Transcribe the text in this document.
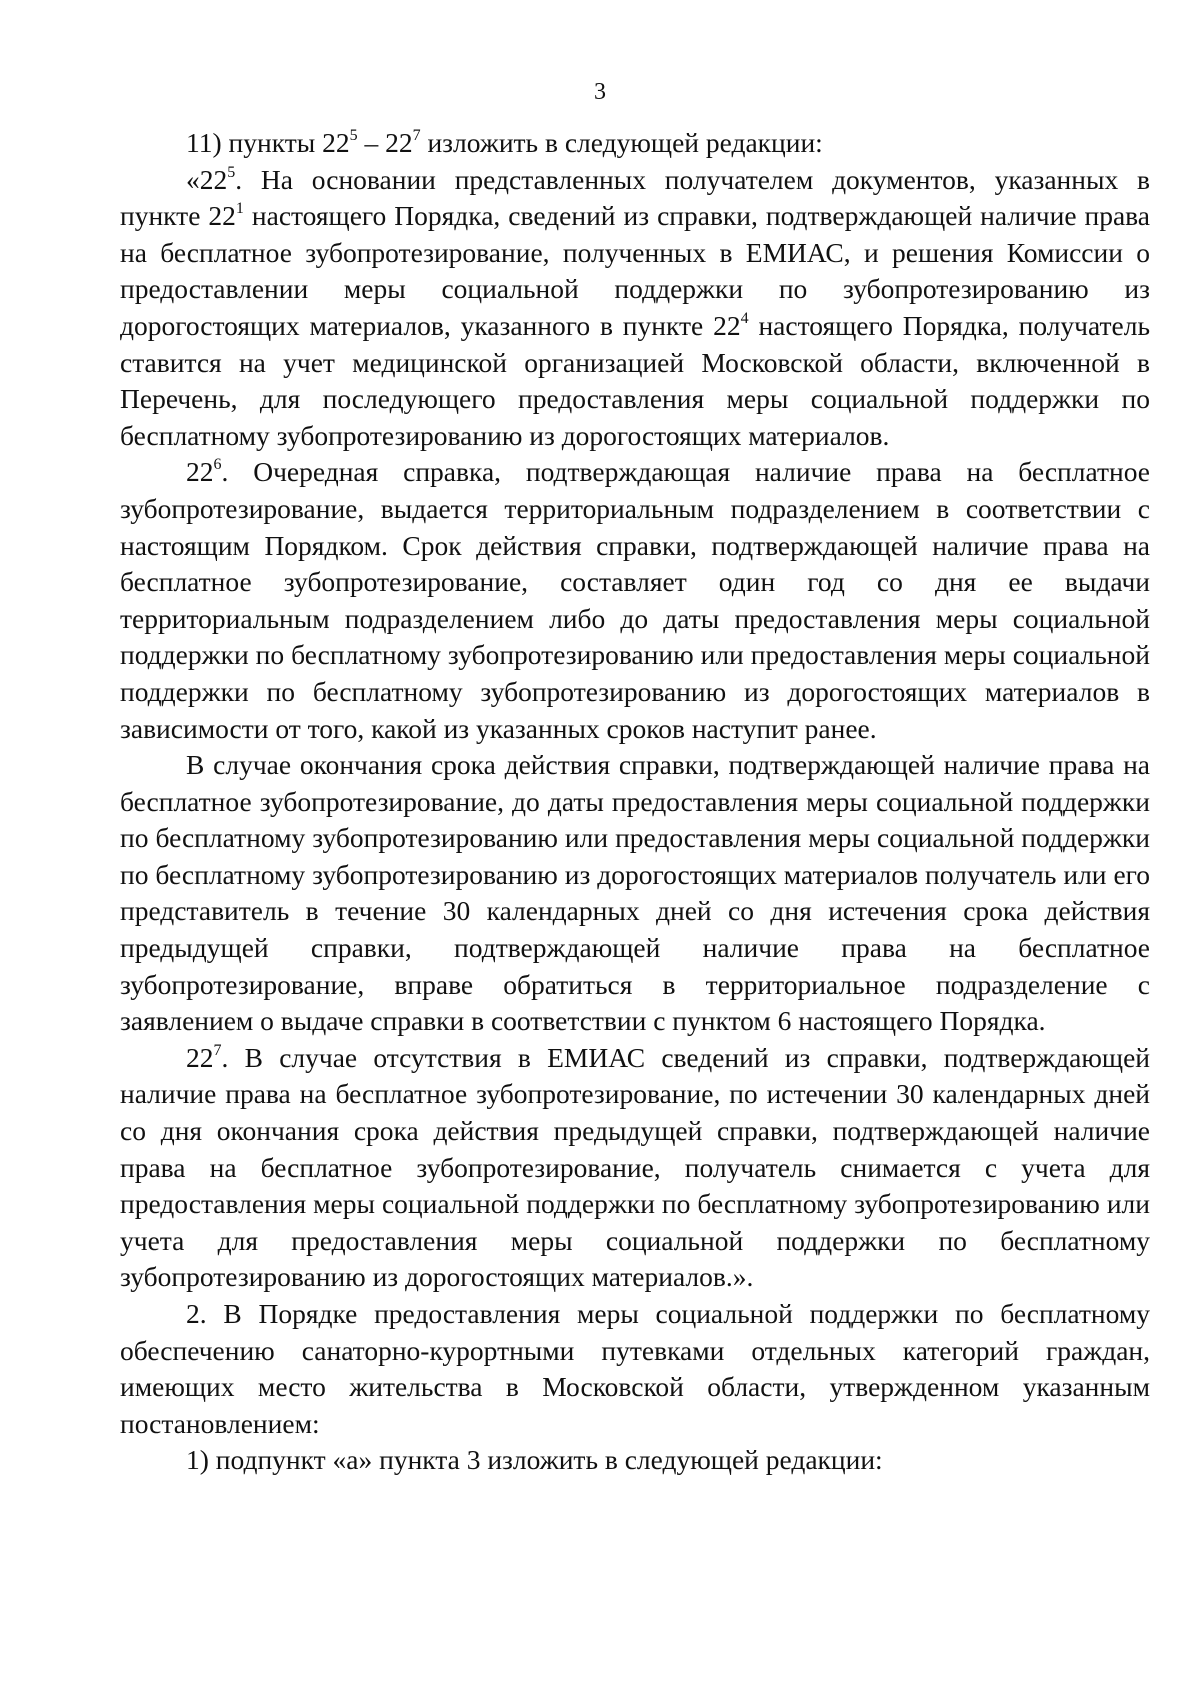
3

11) пункты $22^5 - 22^7$ изложить в следующей редакции:

«$22^5$. На основании представленных получателем документов, указанных в пункте $22^1$ настоящего Порядка, сведений из справки, подтверждающей наличие права на бесплатное зубопротезирование, полученных в ЕМИАС, и решения Комиссии о предоставлении меры социальной поддержки по зубопротезированию из дорогостоящих материалов, указанного в пункте $22^4$ настоящего Порядка, получатель ставится на учет медицинской организацией Московской области, включенной в Перечень, для последующего предоставления меры социальной поддержки по бесплатному зубопротезированию из дорогостоящих материалов.

$22^6$. Очередная справка, подтверждающая наличие права на бесплатное зубопротезирование, выдается территориальным подразделением в соответствии с настоящим Порядком. Срок действия справки, подтверждающей наличие права на бесплатное зубопротезирование, составляет один год со дня ее выдачи территориальным подразделением либо до даты предоставления меры социальной поддержки по бесплатному зубопротезированию или предоставления меры социальной поддержки по бесплатному зубопротезированию из дорогостоящих материалов в зависимости от того, какой из указанных сроков наступит ранее.

В случае окончания срока действия справки, подтверждающей наличие права на бесплатное зубопротезирование, до даты предоставления меры социальной поддержки по бесплатному зубопротезированию или предоставления меры социальной поддержки по бесплатному зубопротезированию из дорогостоящих материалов получатель или его представитель в течение 30 календарных дней со дня истечения срока действия предыдущей справки, подтверждающей наличие права на бесплатное зубопротезирование, вправе обратиться в территориальное подразделение с заявлением о выдаче справки в соответствии с пунктом 6 настоящего Порядка.

$22^7$. В случае отсутствия в ЕМИАС сведений из справки, подтверждающей наличие права на бесплатное зубопротезирование, по истечении 30 календарных дней со дня окончания срока действия предыдущей справки, подтверждающей наличие права на бесплатное зубопротезирование, получатель снимается с учета для предоставления меры социальной поддержки по бесплатному зубопротезированию или учета для предоставления меры социальной поддержки по бесплатному зубопротезированию из дорогостоящих материалов.».

2. В Порядке предоставления меры социальной поддержки по бесплатному обеспечению санаторно-курортными путевками отдельных категорий граждан, имеющих место жительства в Московской области, утвержденном указанным постановлением:

1) подпункт «а» пункта 3 изложить в следующей редакции:
